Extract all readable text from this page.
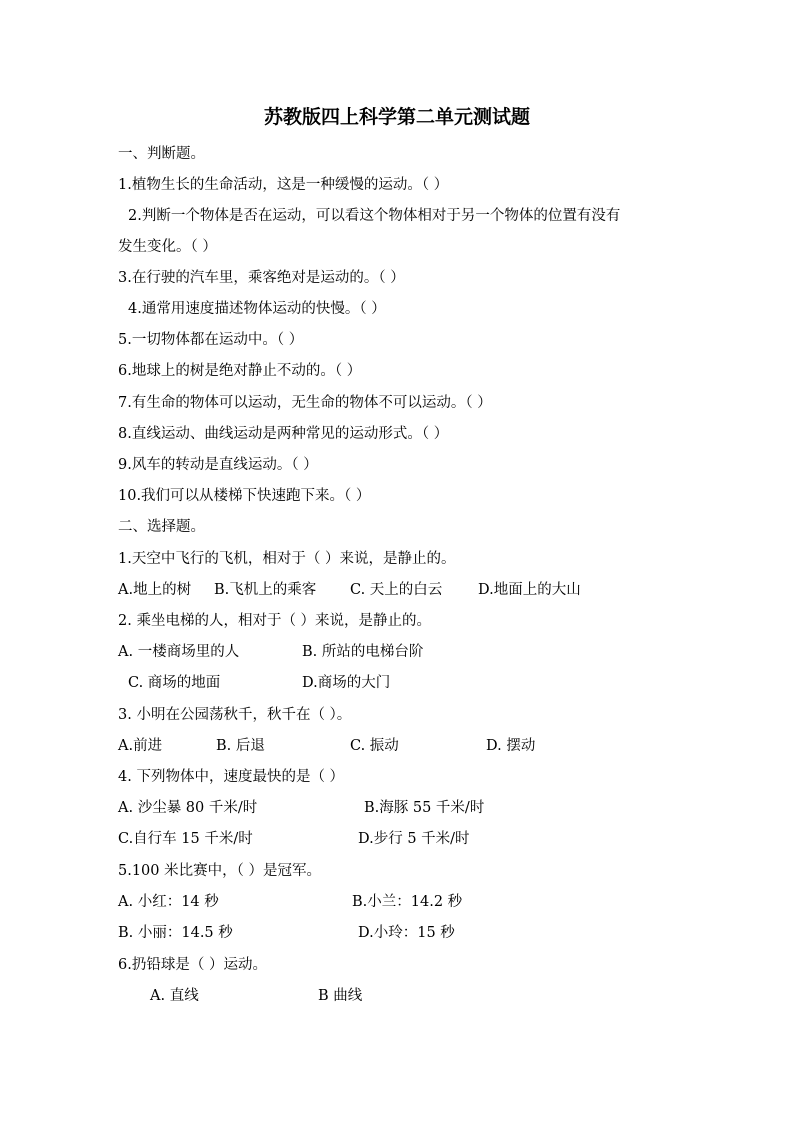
苏教版四上科学第二单元测试题
一、判断题。
1.植物生长的生命活动，这是一种缓慢的运动。（ ）
2.判断一个物体是否在运动，可以看这个物体相对于另一个物体的位置有没有
发生变化。（ ）
3.在行驶的汽车里，乘客绝对是运动的。（ ）
4.通常用速度描述物体运动的快慢。（ ）
5.一切物体都在运动中。（ ）
6.地球上的树是绝对静止不动的。（ ）
7.有生命的物体可以运动，无生命的物体不可以运动。（ ）
8.直线运动、曲线运动是两种常见的运动形式。（ ）
9.风车的转动是直线运动。（ ）
10.我们可以从楼梯下快速跑下来。（ ）
二、选择题。
1.天空中飞行的飞机，相对于（ ）来说，是静止的。
A.地上的树 B.飞机上的乘客 C. 天上的白云 D.地面上的大山
2. 乘坐电梯的人，相对于（ ）来说，是静止的。
A. 一楼商场里的人	B. 所站的电梯台阶
C. 商场的地面	D.商场的大门
3. 小明在公园荡秋千，秋千在（ ）。
A.前进	B. 后退	C. 振动	D. 摆动
4. 下列物体中，速度最快的是（ ）
A. 沙尘暴 80 千米/时	B.海豚 55 千米/时
C.自行车 15 千米/时	D.步行 5 千米/时
5.100 米比赛中，（ ）是冠军。
A. 小红：14 秒	B.小兰：14.2 秒
B. 小丽：14.5 秒	D.小玲：15 秒
6.扔铅球是（ ）运动。
A. 直线	B 曲线
